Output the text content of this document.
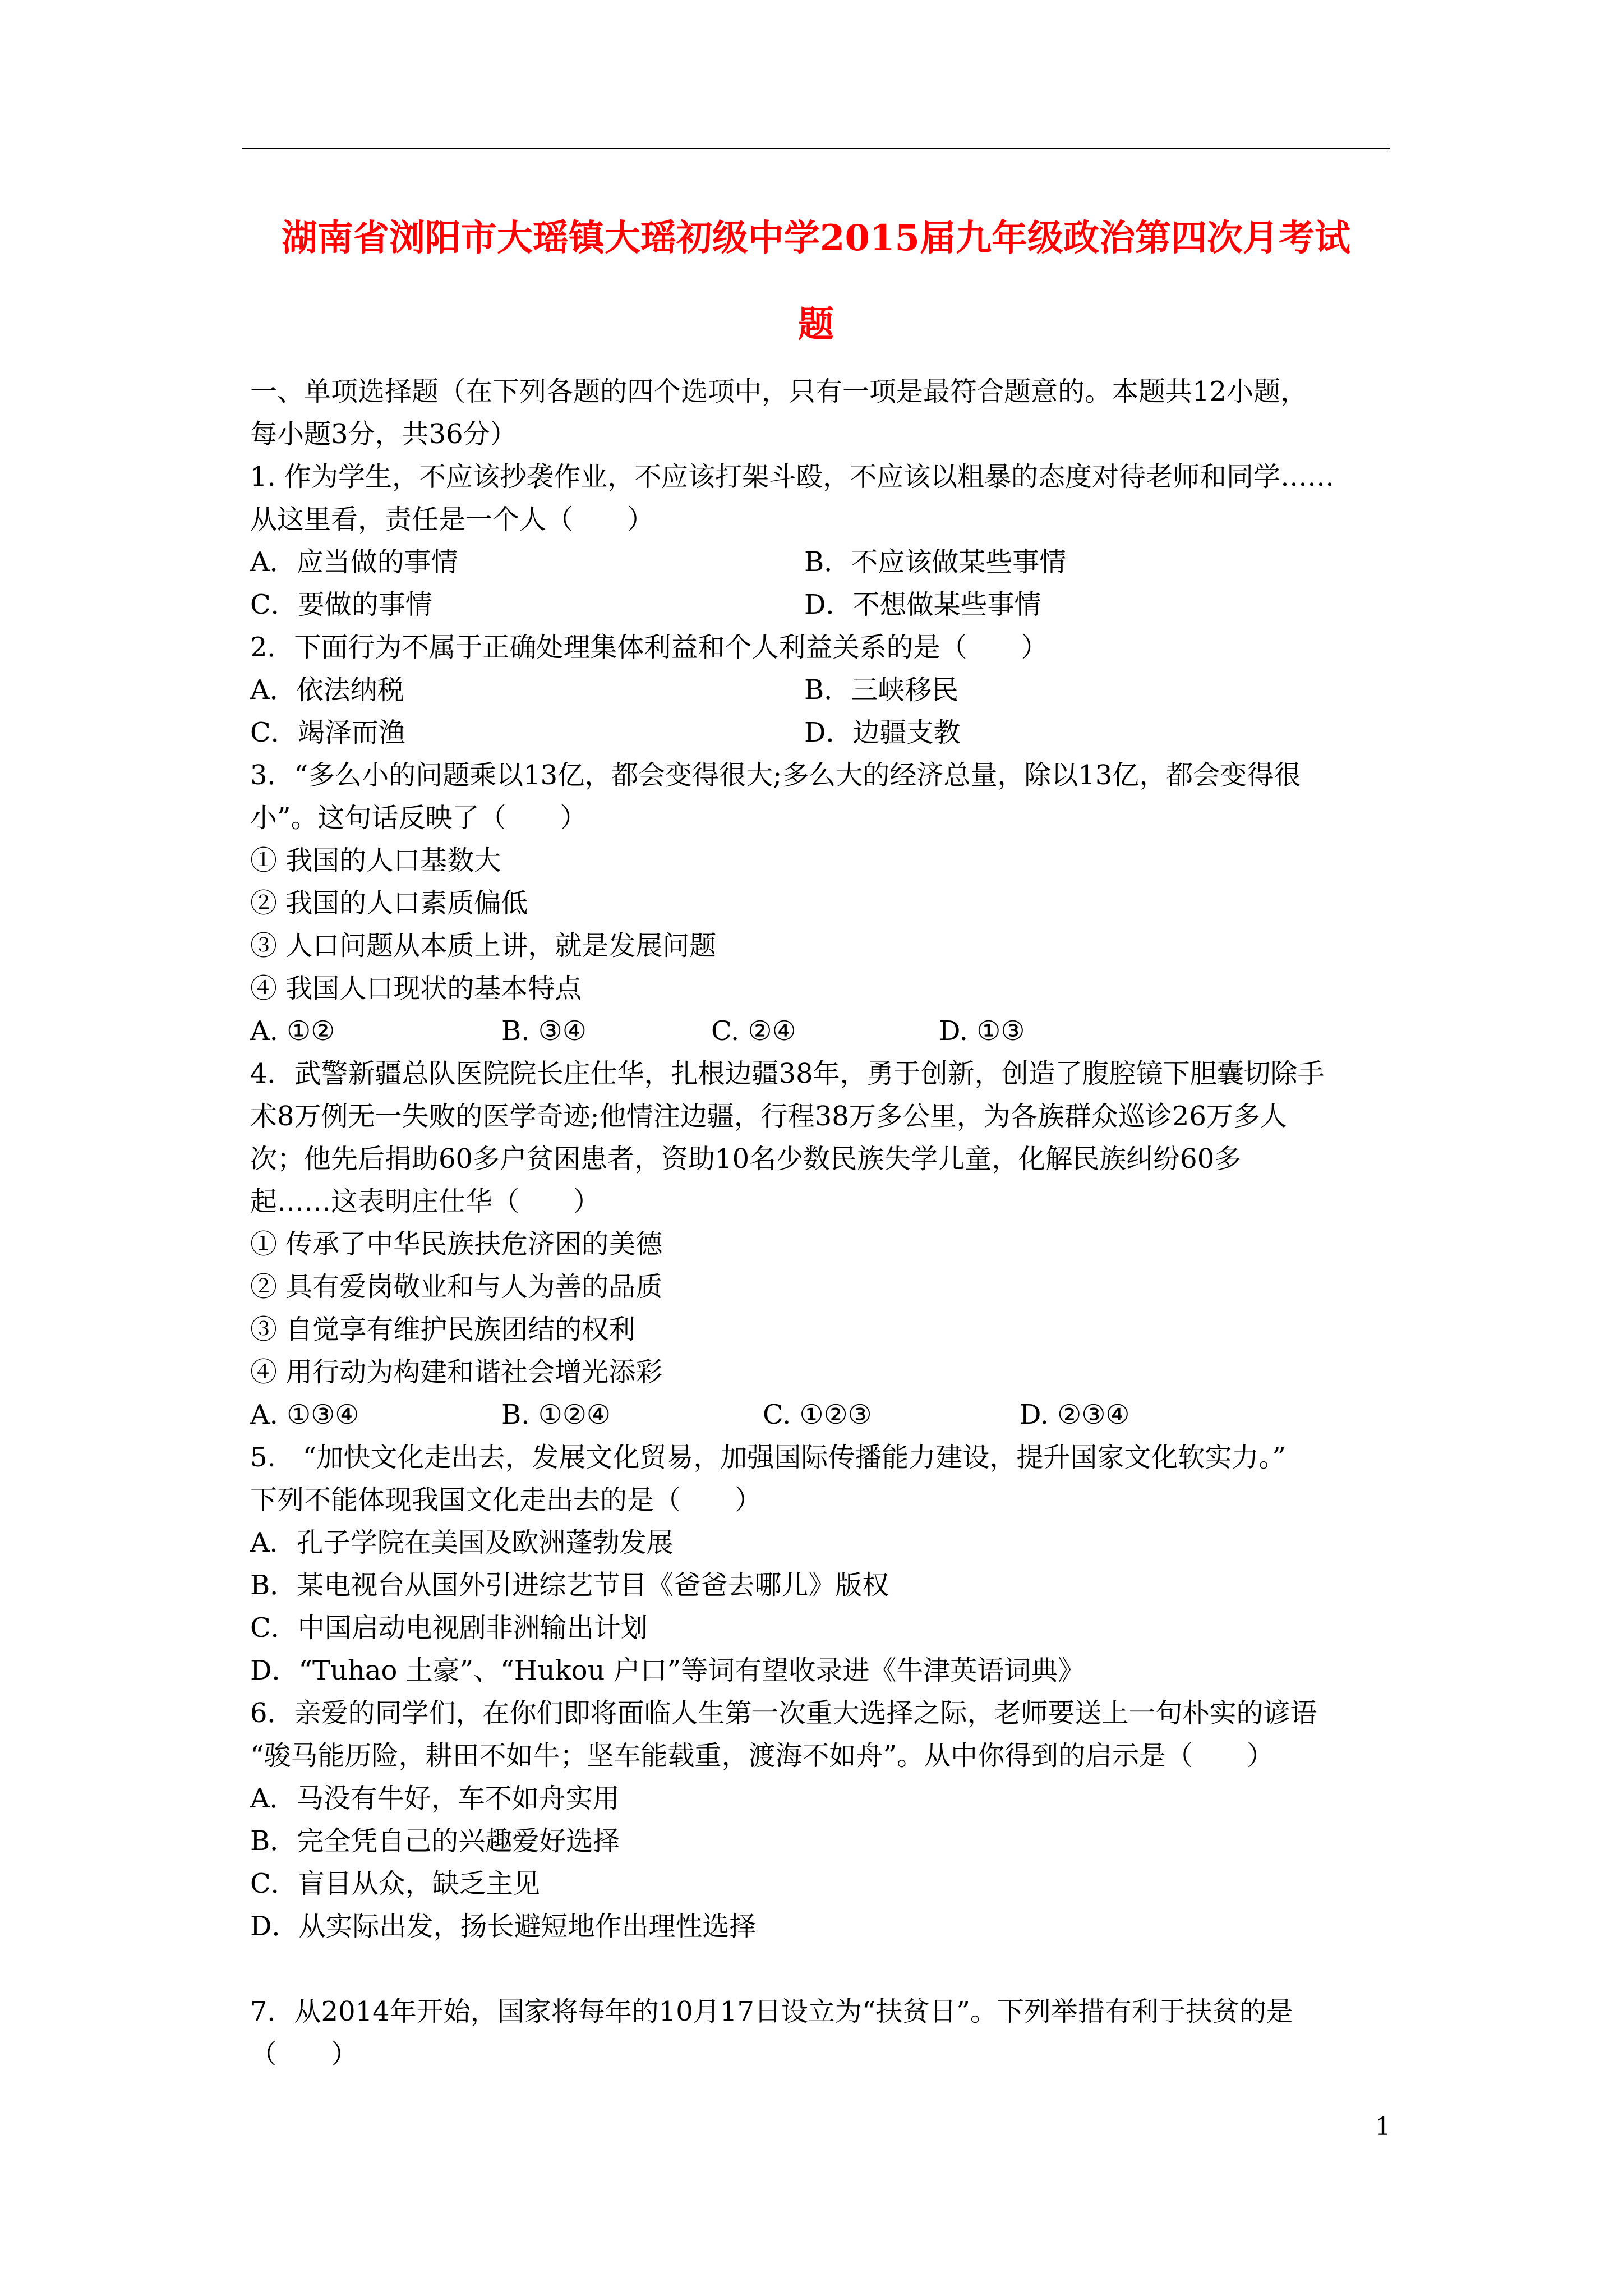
湖南省浏阳市大瑶镇大瑶初级中学2015届九年级政治第四次月考试
题
一、单项选择题（在下列各题的四个选项中，只有一项是最符合题意的。本题共12小题，
每小题3分，共36分）
1. 作为学生，不应该抄袭作业，不应该打架斗殴，不应该以粗暴的态度对待老师和同学……
从这里看，责任是一个人（　　）
A．应当做的事情	B．不应该做某些事情
C．要做的事情	D．不想做某些事情
2．下面行为不属于正确处理集体利益和个人利益关系的是（　　）
A．依法纳税	B．三峡移民
C．竭泽而渔	D．边疆支教
3．“多么小的问题乘以13亿，都会变得很大;多么大的经济总量，除以13亿，都会变得很
小”。这句话反映了（　　）
① 我国的人口基数大
② 我国的人口素质偏低
③ 人口问题从本质上讲，就是发展问题
④ 我国人口现状的基本特点
A. ①②	B. ③④	C. ②④	D. ①③
4．武警新疆总队医院院长庄仕华，扎根边疆38年，勇于创新，创造了腹腔镜下胆囊切除手
术8万例无一失败的医学奇迹;他情注边疆，行程38万多公里，为各族群众巡诊26万多人
次；他先后捐助60多户贫困患者，资助10名少数民族失学儿童，化解民族纠纷60多
起……这表明庄仕华（　　）
① 传承了中华民族扶危济困的美德
② 具有爱岗敬业和与人为善的品质
③ 自觉享有维护民族团结的权利
④ 用行动为构建和谐社会增光添彩
A. ①③④	B. ①②④	C. ①②③	D. ②③④
5.　“加快文化走出去，发展文化贸易，加强国际传播能力建设，提升国家文化软实力。”
下列不能体现我国文化走出去的是（　　）
A．孔子学院在美国及欧洲蓬勃发展
B．某电视台从国外引进综艺节目《爸爸去哪儿》版权
C．中国启动电视剧非洲输出计划
D．“Tuhao 土豪”、“Hukou 户口”等词有望收录进《牛津英语词典》
6．亲爱的同学们，在你们即将面临人生第一次重大选择之际，老师要送上一句朴实的谚语
“骏马能历险，耕田不如牛；坚车能载重，渡海不如舟”。从中你得到的启示是（　　）
A．马没有牛好，车不如舟实用
B．完全凭自己的兴趣爱好选择
C．盲目从众，缺乏主见
D．从实际出发，扬长避短地作出理性选择
7．从2014年开始，国家将每年的10月17日设立为“扶贫日”。下列举措有利于扶贫的是
（　　）
1
